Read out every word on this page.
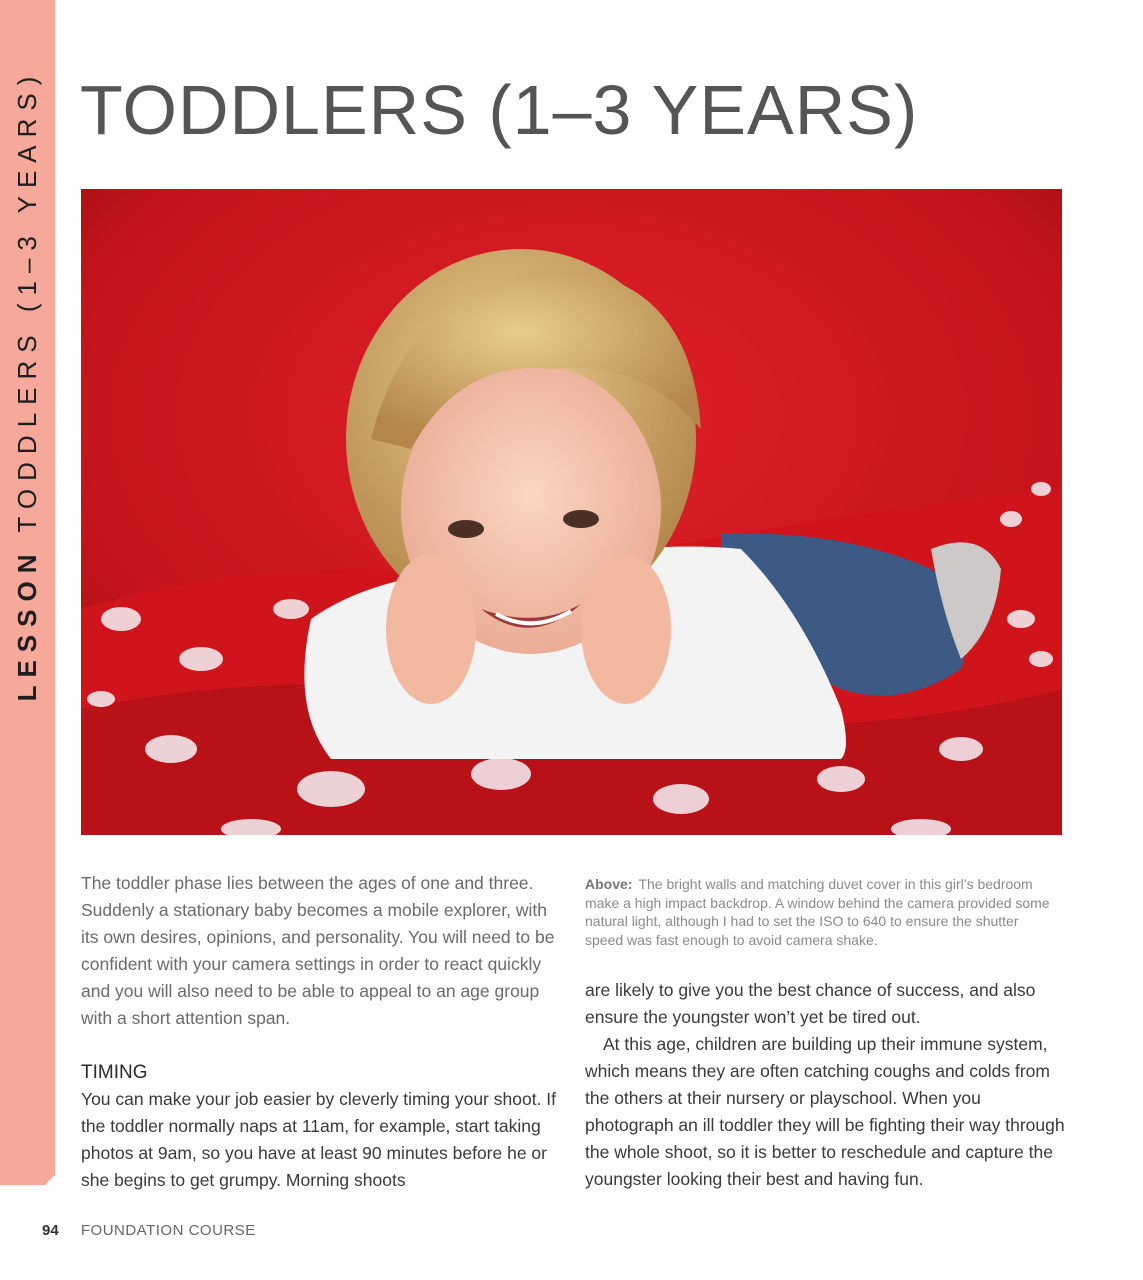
LESSON
TODDLERS (1–3 YEARS) TODDLERS (1–3 YEARS)

The toddler phase lies between the ages of one and three. Suddenly a stationary baby becomes a mobile explorer, with its own desires, opinions, and personality. You will need to be confident with your camera settings in order to react quickly and you will also need to be able to appeal to an age group with a short attention span.

TIMING

You can make your job easier by cleverly timing your shoot. If the toddler normally naps at 11am, for example, start taking photos at 9am, so you have at least 90 minutes before he or she begins to get grumpy. Morning shoots

Above: The bright walls and matching duvet cover in this girl’s bedroom make a high impact backdrop. A window behind the camera provided some natural light, although I had to set the ISO to 640 to ensure the shutter speed was fast enough to avoid camera shake.

are likely to give you the best chance of success, and also ensure the youngster won’t yet be tired out.

At this age, children are building up their immune system, which means they are often catching coughs and colds from the others at their nursery or playschool. When you photograph an ill toddler they will be fighting their way through the whole shoot, so it is better to reschedule and capture the youngster looking their best and having fun.

94 FOUNDATION COURSE
